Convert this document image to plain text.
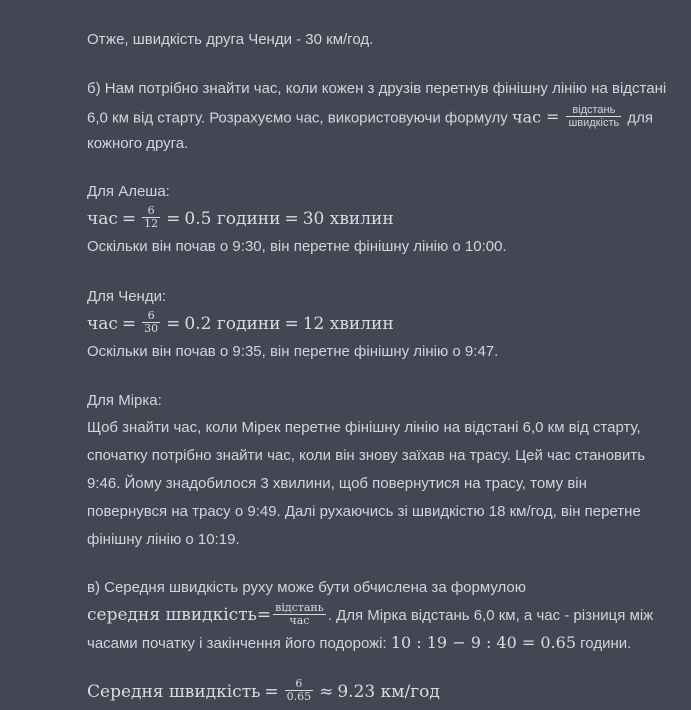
Отже, швидкість друга Ченди - 30 км/год.
б) Нам потрібно знайти час, коли кожен з друзів перетнув фінішну лінію на відстані
6,0 км від старту. Розрахуємо час, використовуючи формулу час = $\frac{\text{відстань}}{\text{швидкість}}$ для
кожного друга.
Для Алеша:
час = $\frac{6}{12} = 0.5$ години = 30 хвилин
Оскільки він почав о 9:30, він перетне фінішну лінію о 10:00.
Для Ченди:
час = $\frac{6}{30} = 0.2$ години = 12 хвилин
Оскільки він почав о 9:35, він перетне фінішну лінію о 9:47.
Для Мірка:
Щоб знайти час, коли Мірек перетне фінішну лінію на відстані 6,0 км від старту,
спочатку потрібно знайти час, коли він знову заїхав на трасу. Цей час становить
9:46. Йому знадобилося 3 хвилини, щоб повернутися на трасу, тому він
повернувся на трасу о 9:49. Далі рухаючись зі швидкістю 18 км/год, він перетне
фінішну лінію о 10:19.
в) Середня швидкість руху може бути обчислена за формулою
середня швидкість= $\frac{\text{відстань}}{\text{час}}$ . Для Мірка відстань 6,0 км, а час - різниця між
часами початку і закінчення його подорожі: 10 : 19 − 9 : 40 = 0.65 години.
Середня швидкість = $\frac{6}{0.65} \approx 9.23$ км/год
